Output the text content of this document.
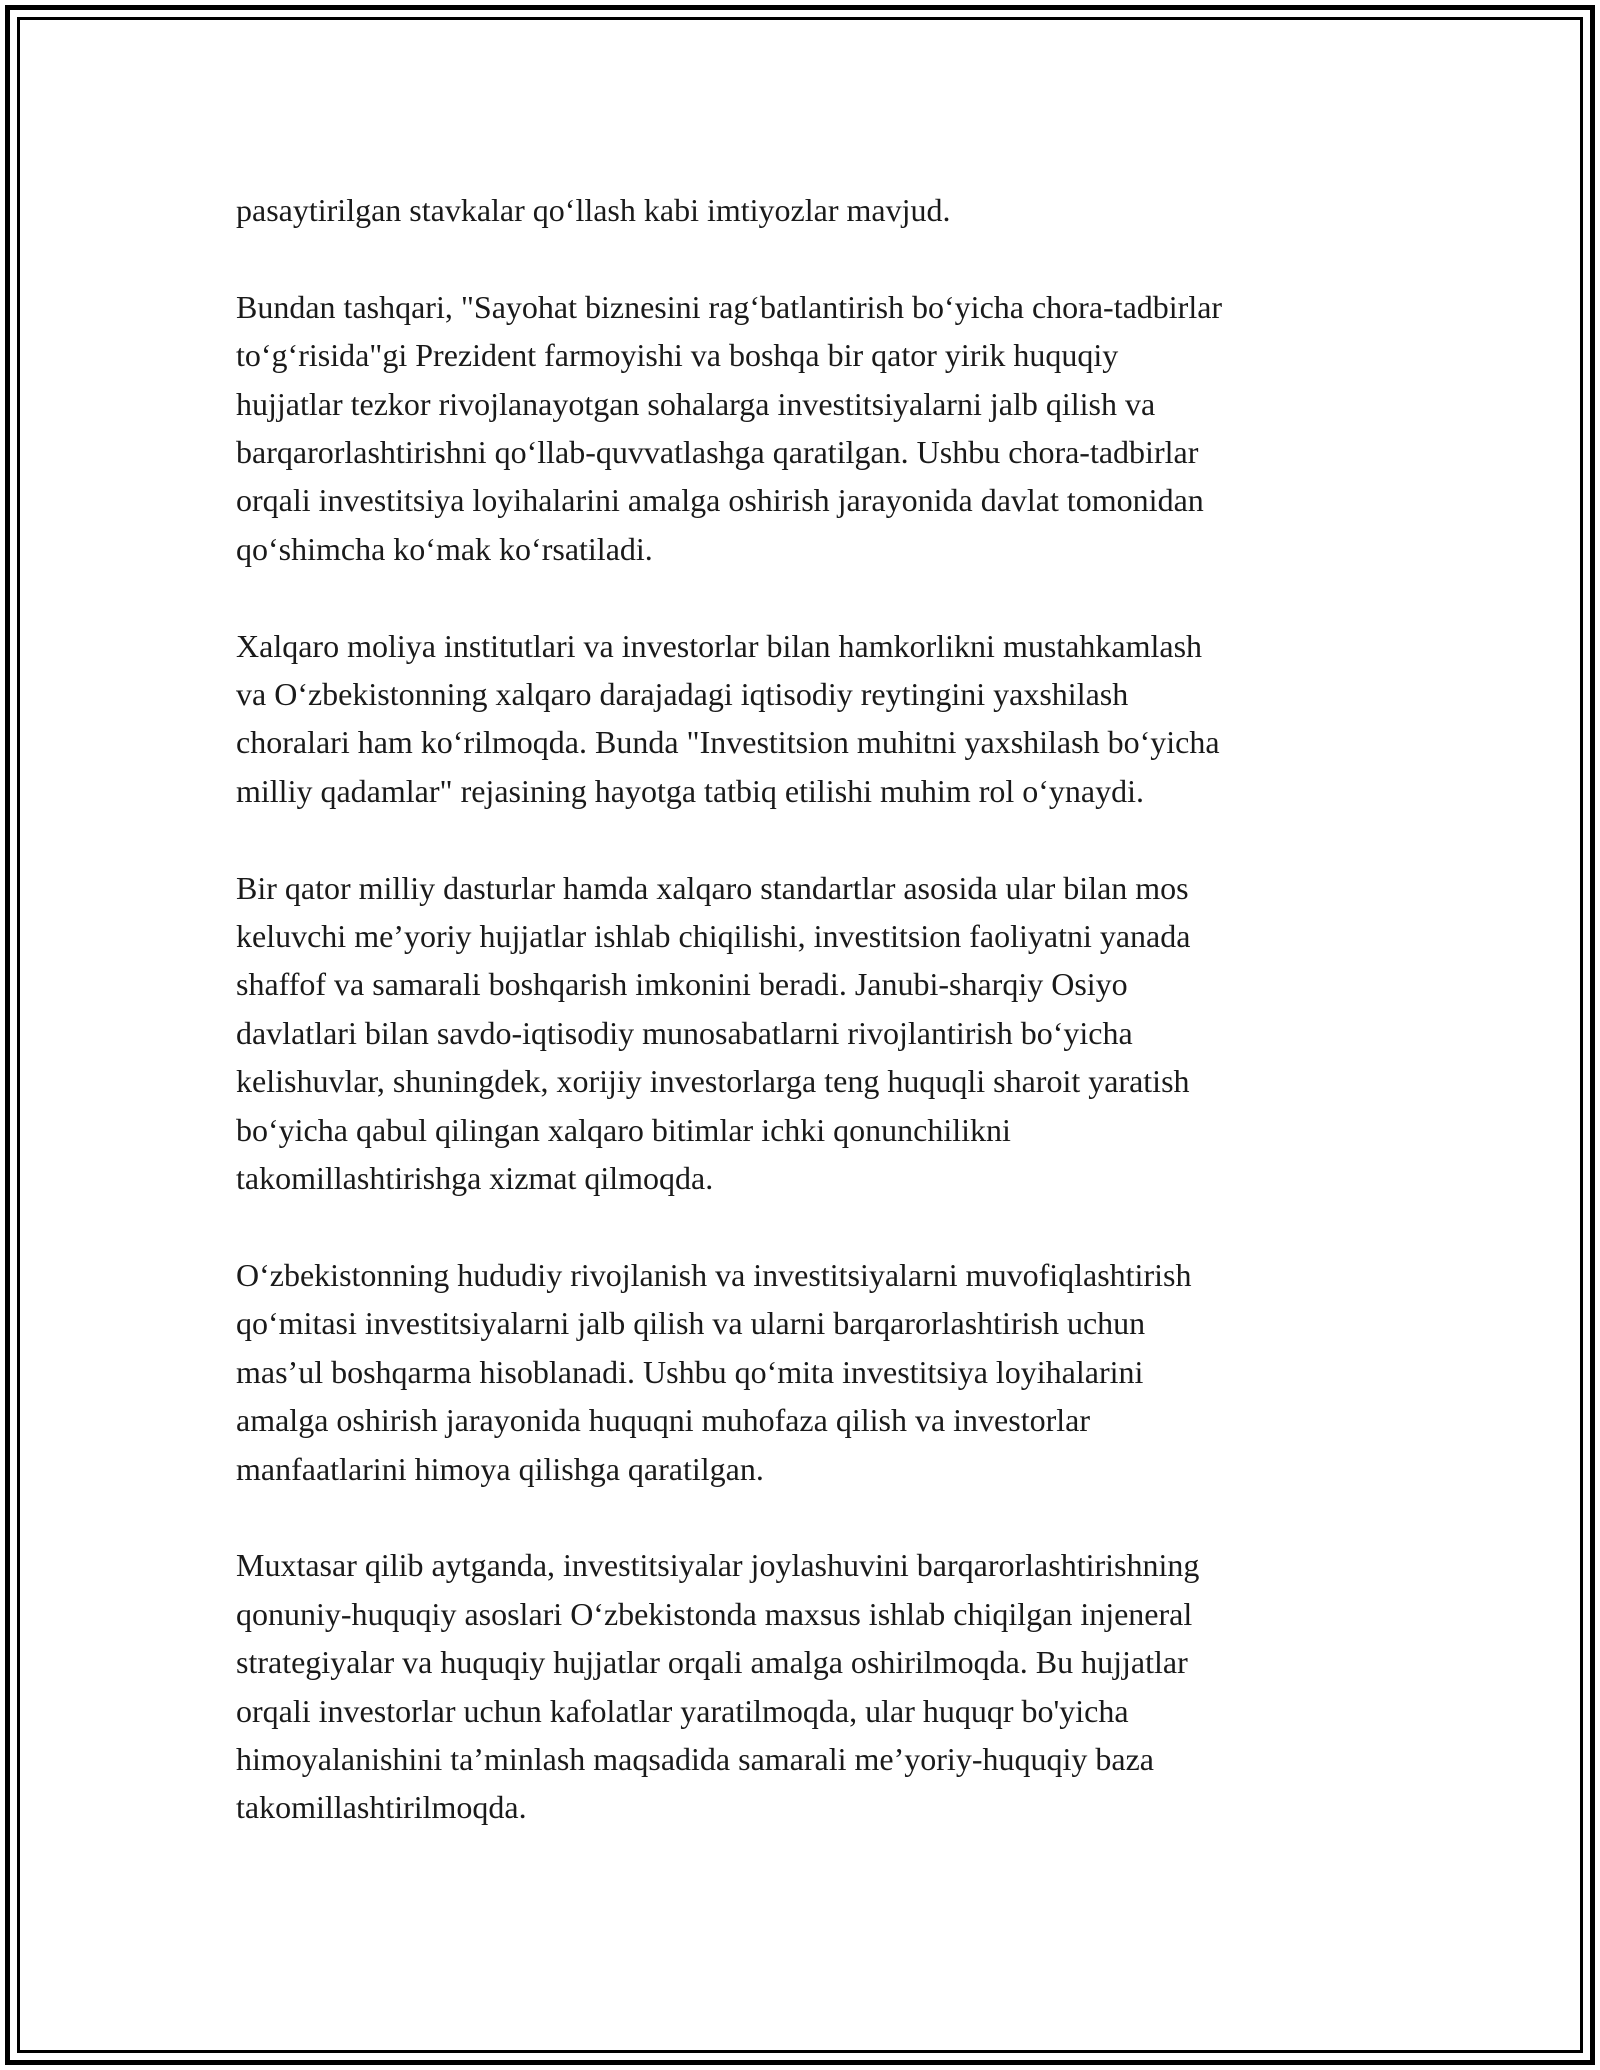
pasaytirilgan stavkalar qo‘llash kabi imtiyozlar mavjud.

Bundan tashqari, "Sayohat biznesini rag‘batlantirish bo‘yicha chora-tadbirlar
to‘g‘risida"gi Prezident farmoyishi va boshqa bir qator yirik huquqiy
hujjatlar tezkor rivojlanayotgan sohalarga investitsiyalarni jalb qilish va
barqarorlashtirishni qo‘llab-quvvatlashga qaratilgan. Ushbu chora-tadbirlar
orqali investitsiya loyihalarini amalga oshirish jarayonida davlat tomonidan
qo‘shimcha ko‘mak ko‘rsatiladi.

Xalqaro moliya institutlari va investorlar bilan hamkorlikni mustahkamlash
va O‘zbekistonning xalqaro darajadagi iqtisodiy reytingini yaxshilash
choralari ham ko‘rilmoqda. Bunda "Investitsion muhitni yaxshilash bo‘yicha
milliy qadamlar" rejasining hayotga tatbiq etilishi muhim rol o‘ynaydi.

Bir qator milliy dasturlar hamda xalqaro standartlar asosida ular bilan mos
keluvchi me’yoriy hujjatlar ishlab chiqilishi, investitsion faoliyatni yanada
shaffof va samarali boshqarish imkonini beradi. Janubi-sharqiy Osiyo
davlatlari bilan savdo-iqtisodiy munosabatlarni rivojlantirish bo‘yicha
kelishuvlar, shuningdek, xorijiy investorlarga teng huquqli sharoit yaratish
bo‘yicha qabul qilingan xalqaro bitimlar ichki qonunchilikni
takomillashtirishga xizmat qilmoqda.

O‘zbekistonning hududiy rivojlanish va investitsiyalarni muvofiqlashtirish
qo‘mitasi investitsiyalarni jalb qilish va ularni barqarorlashtirish uchun
mas’ul boshqarma hisoblanadi. Ushbu qo‘mita investitsiya loyihalarini
amalga oshirish jarayonida huquqni muhofaza qilish va investorlar
manfaatlarini himoya qilishga qaratilgan.

Muxtasar qilib aytganda, investitsiyalar joylashuvini barqarorlashtirishning
qonuniy-huquqiy asoslari O‘zbekistonda maxsus ishlab chiqilgan injeneral
strategiyalar va huquqiy hujjatlar orqali amalga oshirilmoqda. Bu hujjatlar
orqali investorlar uchun kafolatlar yaratilmoqda, ular huquqr bo'yicha
himoyalanishini ta’minlash maqsadida samarali me’yoriy-huquqiy baza
takomillashtirilmoqda.
